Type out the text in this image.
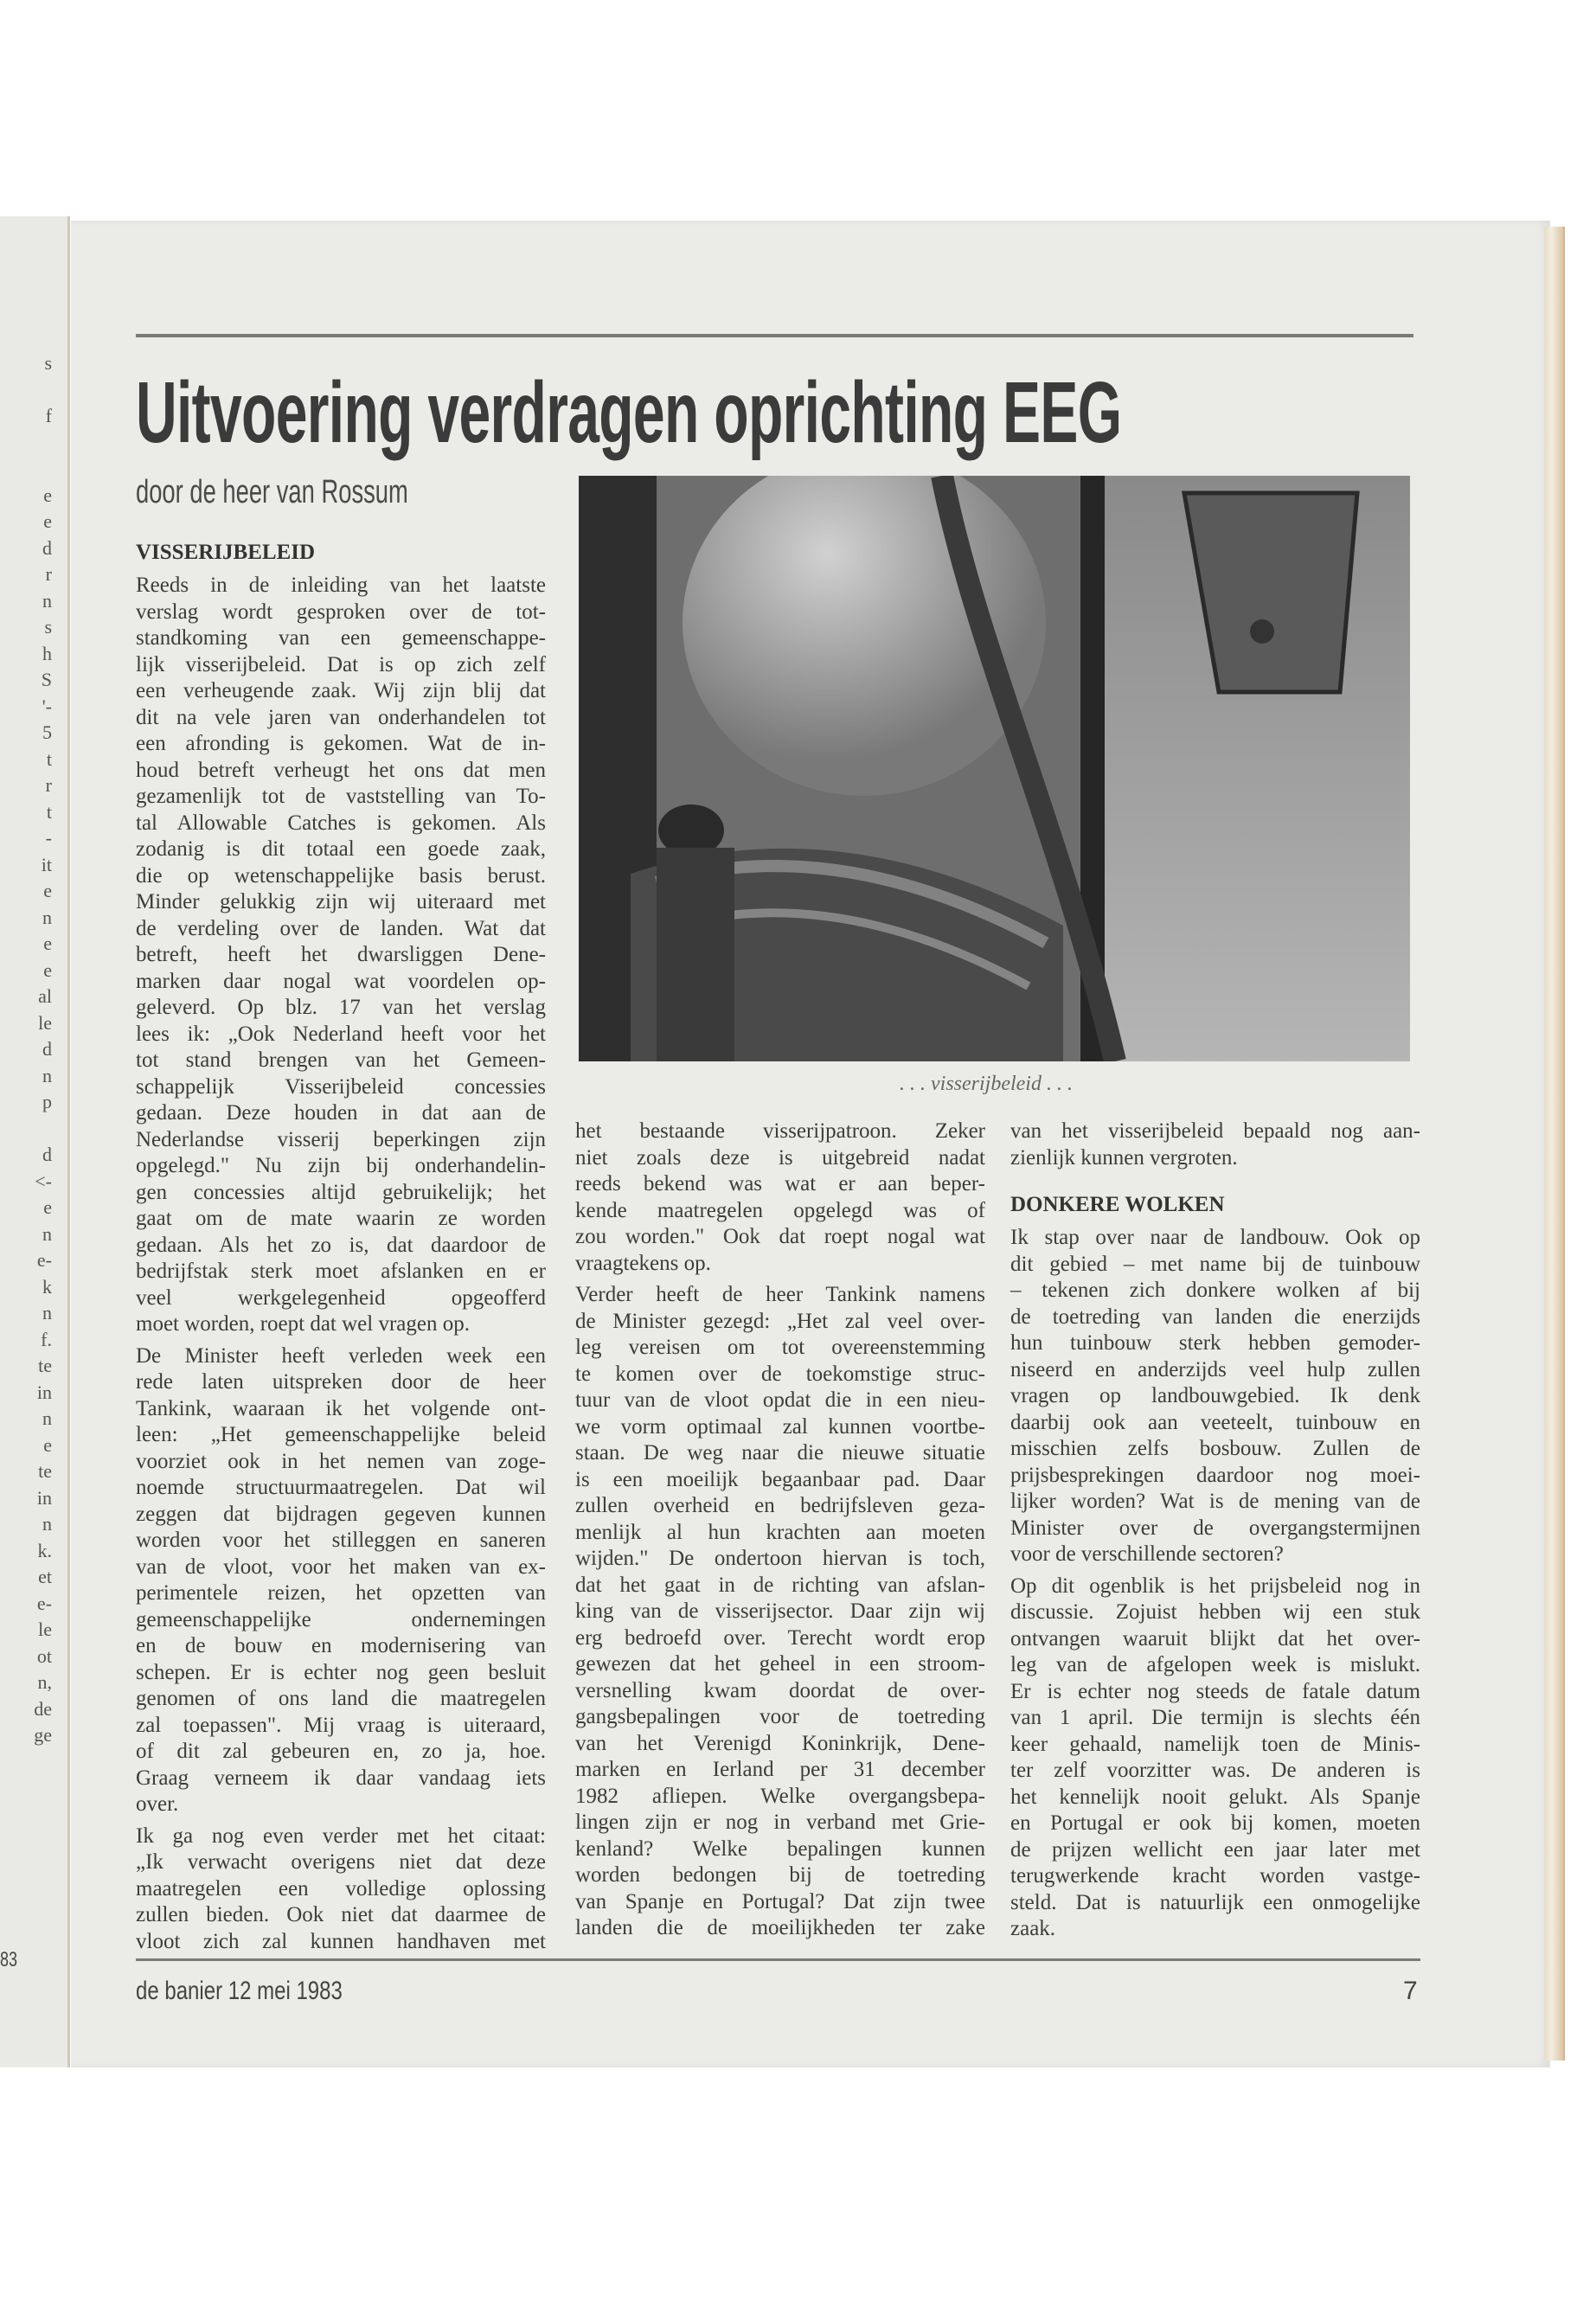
s
f
e
e
d
r
n
s
h
S
'-
5
t
r
t
-
it
e
n
e
e
al
le
d
n
p
d
<-
e
n
e-
k
n
f.
te
in
n
e
te
in
n
k.
et
e-
le
ot
n,
de
ge
83
Uitvoering verdragen oprichting EEG
door de heer van Rossum
. . . visserijbeleid . . .
VISSERIJBELEID
Reeds in de inleiding van het laatste
verslag wordt gesproken over de tot-
standkoming van een gemeenschappe-
lijk visserijbeleid. Dat is op zich zelf
een verheugende zaak. Wij zijn blij dat
dit na vele jaren van onderhandelen tot
een afronding is gekomen. Wat de in-
houd betreft verheugt het ons dat men
gezamenlijk tot de vaststelling van To-
tal Allowable Catches is gekomen. Als
zodanig is dit totaal een goede zaak,
die op wetenschappelijke basis berust.
Minder gelukkig zijn wij uiteraard met
de verdeling over de landen. Wat dat
betreft, heeft het dwarsliggen Dene-
marken daar nogal wat voordelen op-
geleverd. Op blz. 17 van het verslag
lees ik: „Ook Nederland heeft voor het
tot stand brengen van het Gemeen-
schappelijk Visserijbeleid concessies
gedaan. Deze houden in dat aan de
Nederlandse visserij beperkingen zijn
opgelegd." Nu zijn bij onderhandelin-
gen concessies altijd gebruikelijk; het
gaat om de mate waarin ze worden
gedaan. Als het zo is, dat daardoor de
bedrijfstak sterk moet afslanken en er
veel werkgelegenheid opgeofferd
moet worden, roept dat wel vragen op.
De Minister heeft verleden week een
rede laten uitspreken door de heer
Tankink, waaraan ik het volgende ont-
leen: „Het gemeenschappelijke beleid
voorziet ook in het nemen van zoge-
noemde structuurmaatregelen. Dat wil
zeggen dat bijdragen gegeven kunnen
worden voor het stilleggen en saneren
van de vloot, voor het maken van ex-
perimentele reizen, het opzetten van
gemeenschappelijke ondernemingen
en de bouw en modernisering van
schepen. Er is echter nog geen besluit
genomen of ons land die maatregelen
zal toepassen". Mij vraag is uiteraard,
of dit zal gebeuren en, zo ja, hoe.
Graag verneem ik daar vandaag iets
over.
Ik ga nog even verder met het citaat:
„Ik verwacht overigens niet dat deze
maatregelen een volledige oplossing
zullen bieden. Ook niet dat daarmee de
vloot zich zal kunnen handhaven met
het bestaande visserijpatroon. Zeker
niet zoals deze is uitgebreid nadat
reeds bekend was wat er aan beper-
kende maatregelen opgelegd was of
zou worden." Ook dat roept nogal wat
vraagtekens op.
Verder heeft de heer Tankink namens
de Minister gezegd: „Het zal veel over-
leg vereisen om tot overeenstemming
te komen over de toekomstige struc-
tuur van de vloot opdat die in een nieu-
we vorm optimaal zal kunnen voortbe-
staan. De weg naar die nieuwe situatie
is een moeilijk begaanbaar pad. Daar
zullen overheid en bedrijfsleven geza-
menlijk al hun krachten aan moeten
wijden." De ondertoon hiervan is toch,
dat het gaat in de richting van afslan-
king van de visserijsector. Daar zijn wij
erg bedroefd over. Terecht wordt erop
gewezen dat het geheel in een stroom-
versnelling kwam doordat de over-
gangsbepalingen voor de toetreding
van het Verenigd Koninkrijk, Dene-
marken en Ierland per 31 december
1982 afliepen. Welke overgangsbepa-
lingen zijn er nog in verband met Grie-
kenland? Welke bepalingen kunnen
worden bedongen bij de toetreding
van Spanje en Portugal? Dat zijn twee
landen die de moeilijkheden ter zake
van het visserijbeleid bepaald nog aan-
zienlijk kunnen vergroten.
DONKERE WOLKEN
Ik stap over naar de landbouw. Ook op
dit gebied – met name bij de tuinbouw
– tekenen zich donkere wolken af bij
de toetreding van landen die enerzijds
hun tuinbouw sterk hebben gemoder-
niseerd en anderzijds veel hulp zullen
vragen op landbouwgebied. Ik denk
daarbij ook aan veeteelt, tuinbouw en
misschien zelfs bosbouw. Zullen de
prijsbesprekingen daardoor nog moei-
lijker worden? Wat is de mening van de
Minister over de overgangstermijnen
voor de verschillende sectoren?
Op dit ogenblik is het prijsbeleid nog in
discussie. Zojuist hebben wij een stuk
ontvangen waaruit blijkt dat het over-
leg van de afgelopen week is mislukt.
Er is echter nog steeds de fatale datum
van 1 april. Die termijn is slechts één
keer gehaald, namelijk toen de Minis-
ter zelf voorzitter was. De anderen is
het kennelijk nooit gelukt. Als Spanje
en Portugal er ook bij komen, moeten
de prijzen wellicht een jaar later met
terugwerkende kracht worden vastge-
steld. Dat is natuurlijk een onmogelijke
zaak.
de banier 12 mei 1983	7
